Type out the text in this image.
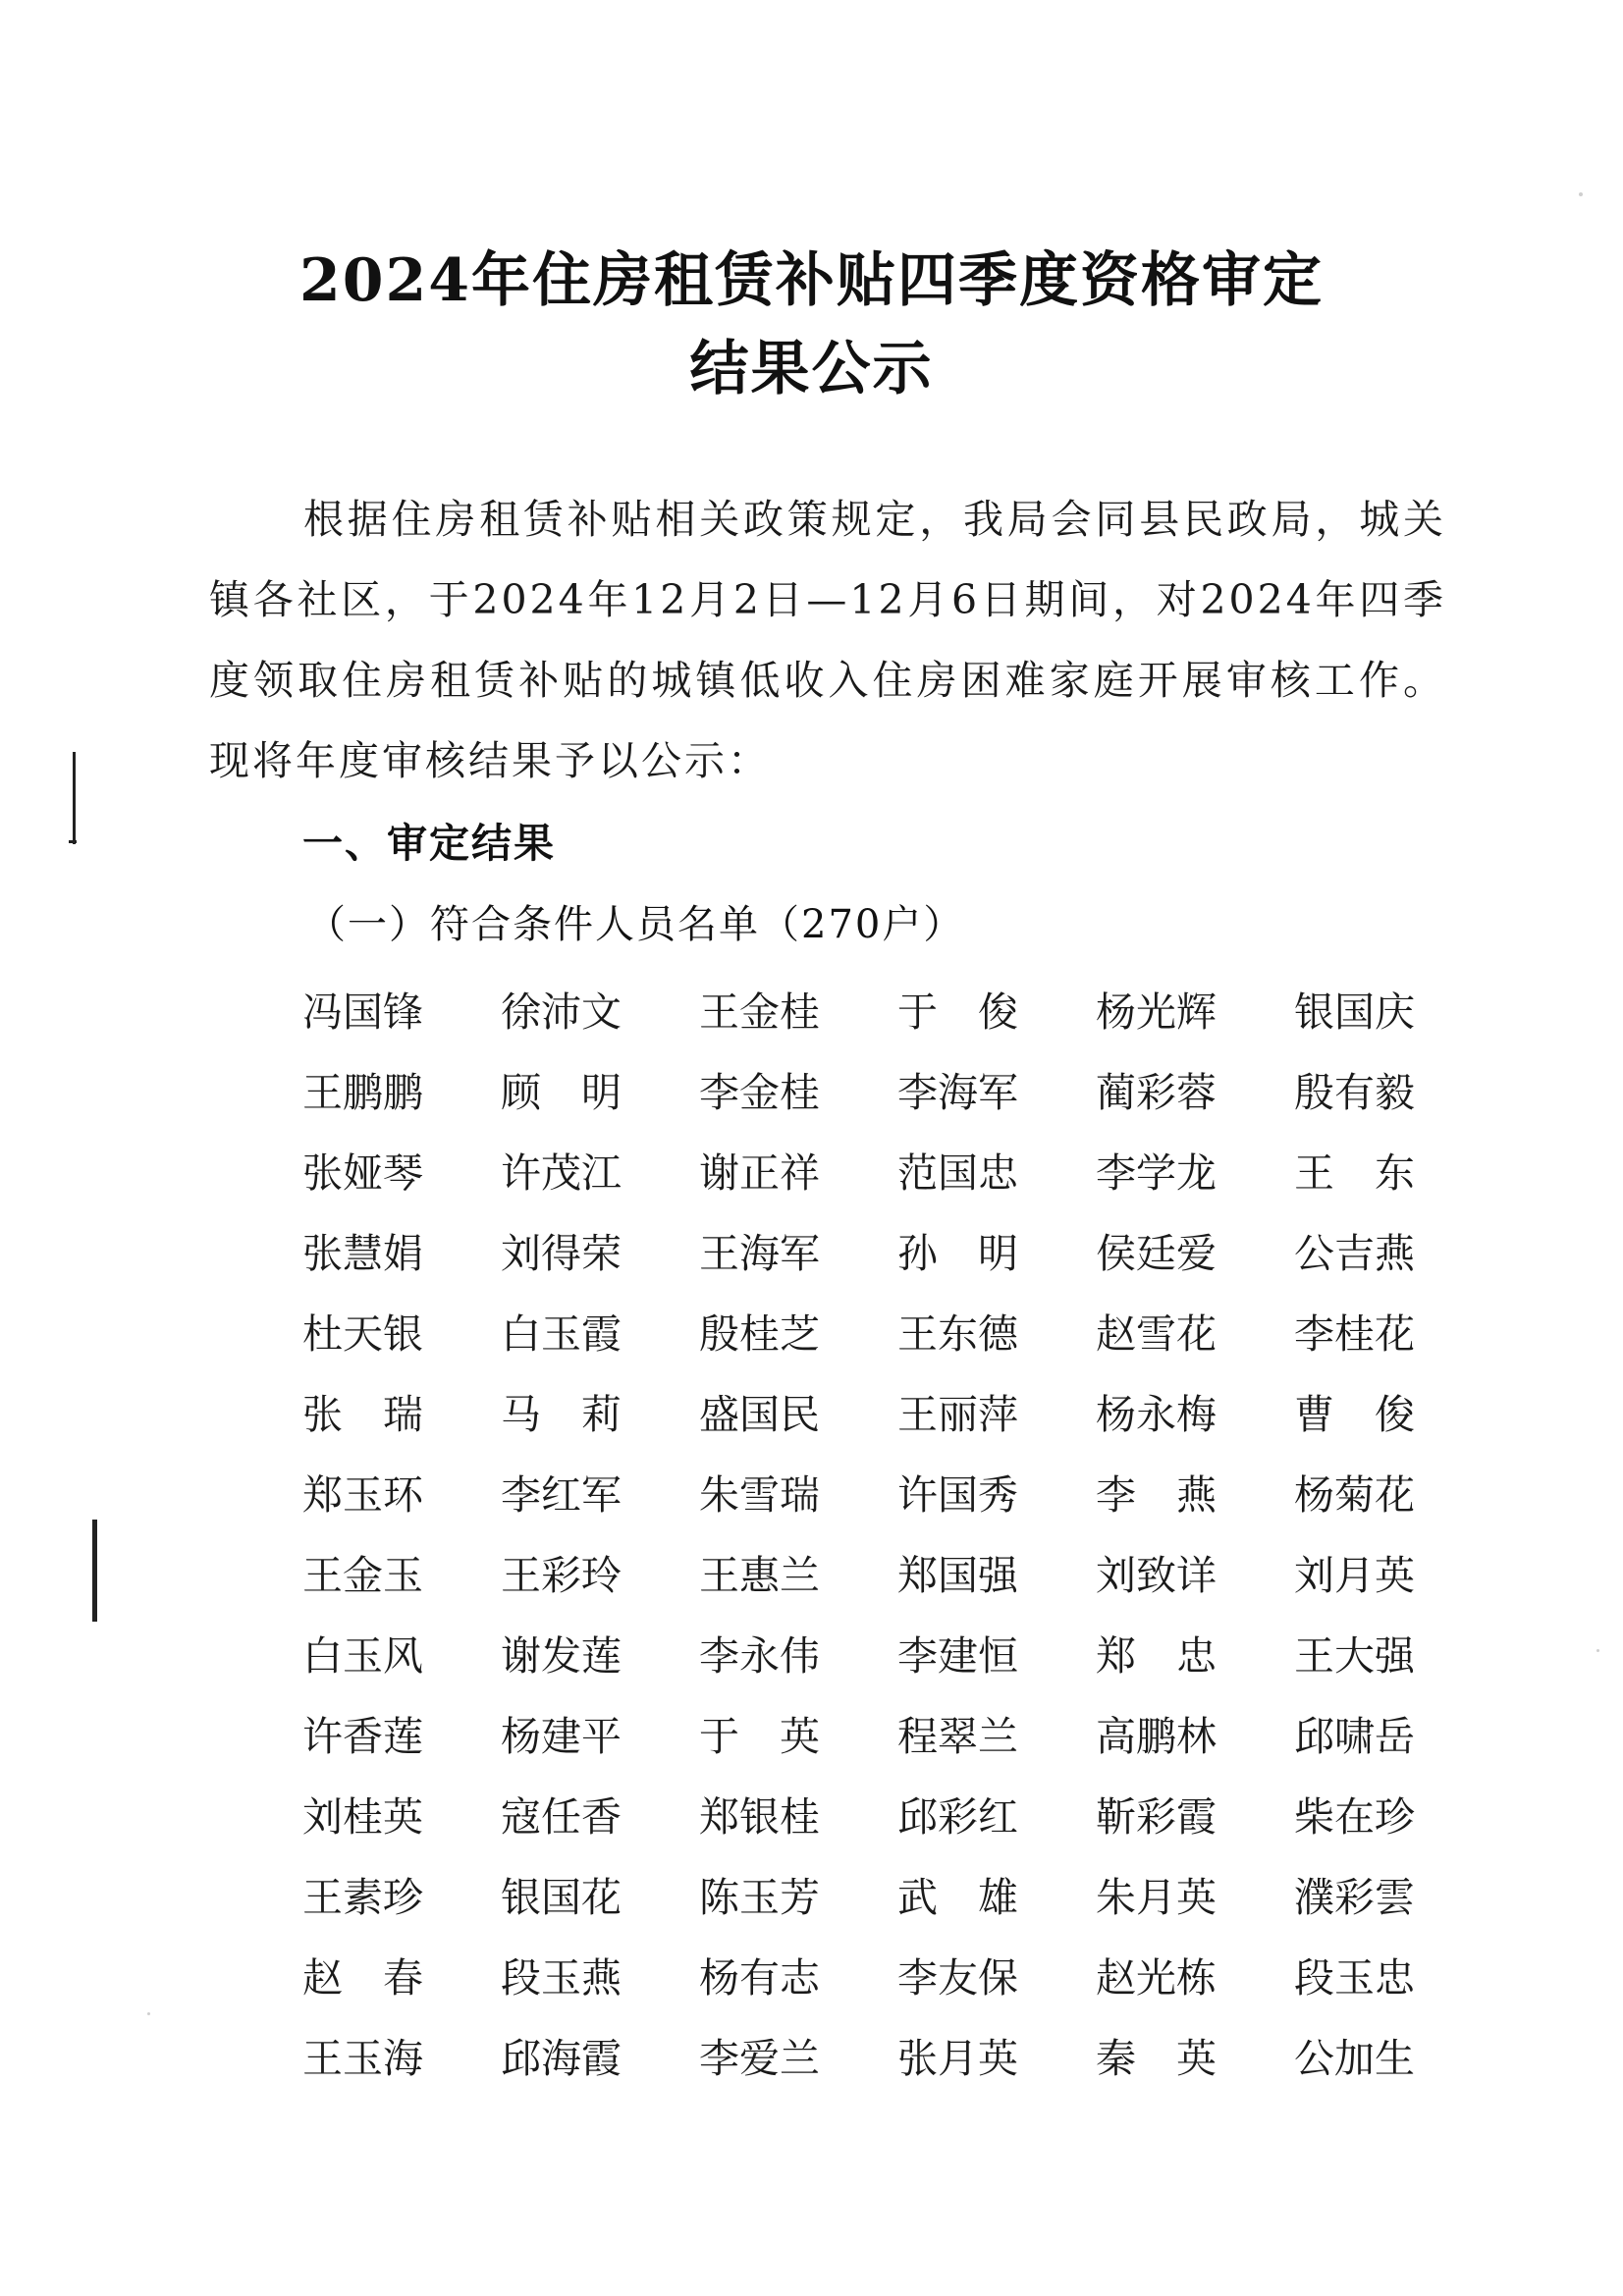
2024年住房租赁补贴四季度资格审定
结果公示
根据住房租赁补贴相关政策规定，我局会同县民政局，城关镇各社区，于2024年12月2日—12月6日期间，对2024年四季度领取住房租赁补贴的城镇低收入住房困难家庭开展审核工作。现将年度审核结果予以公示：
一、审定结果
（一）符合条件人员名单（270户）
冯国锋	徐沛文	王金桂	于　俊	杨光辉	银国庆
王鹏鹏	顾　明	李金桂	李海军	蔺彩蓉	殷有毅
张娅琴	许茂江	谢正祥	范国忠	李学龙	王　东
张慧娟	刘得荣	王海军	孙　明	侯廷爱	公吉燕
杜天银	白玉霞	殷桂芝	王东德	赵雪花	李桂花
张　瑞	马　莉	盛国民	王丽萍	杨永梅	曹　俊
郑玉环	李红军	朱雪瑞	许国秀	李　燕	杨菊花
王金玉	王彩玲	王惠兰	郑国强	刘致详	刘月英
白玉风	谢发莲	李永伟	李建恒	郑　忠	王大强
许香莲	杨建平	于　英	程翠兰	高鹏林	邱啸岳
刘桂英	寇任香	郑银桂	邱彩红	靳彩霞	柴在珍
王素珍	银国花	陈玉芳	武　雄	朱月英	濮彩雲
赵　春	段玉燕	杨有志	李友保	赵光栋	段玉忠
王玉海	邱海霞	李爱兰	张月英	秦　英	公加生
